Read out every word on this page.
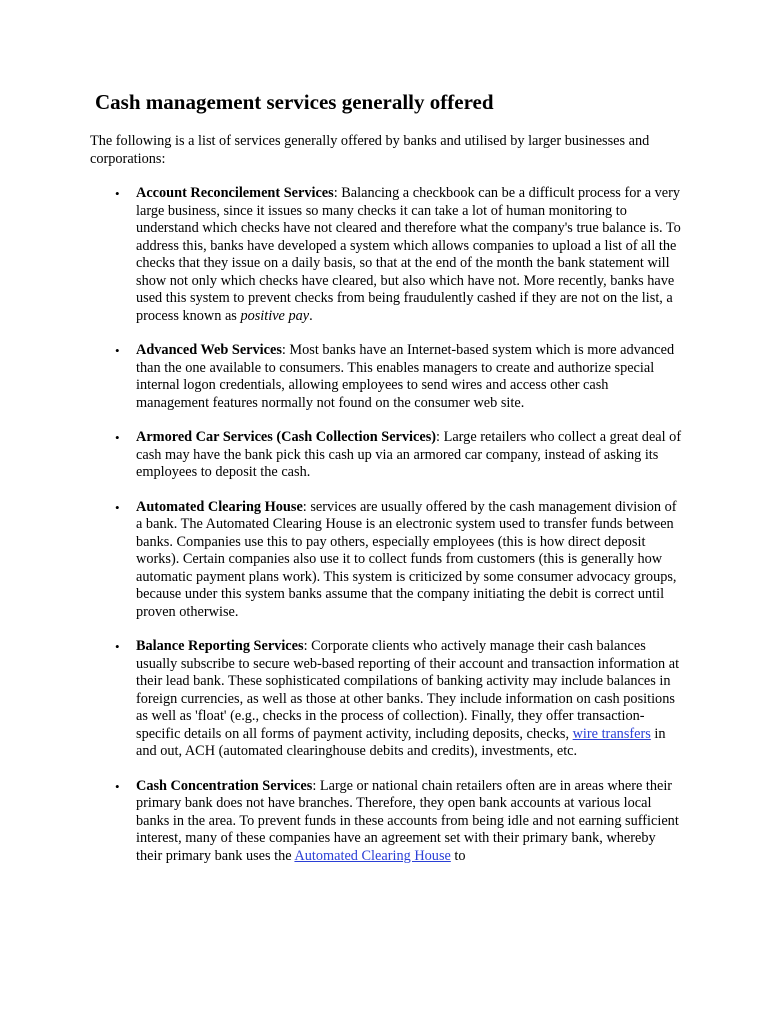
Cash management services generally offered

The following is a list of services generally offered by banks and utilised by larger businesses and corporations:

• Account Reconcilement Services: Balancing a checkbook can be a difficult process for a very large business, since it issues so many checks it can take a lot of human monitoring to understand which checks have not cleared and therefore what the company's true balance is. To address this, banks have developed a system which allows companies to upload a list of all the checks that they issue on a daily basis, so that at the end of the month the bank statement will show not only which checks have cleared, but also which have not. More recently, banks have used this system to prevent checks from being fraudulently cashed if they are not on the list, a process known as positive pay.
• Advanced Web Services: Most banks have an Internet-based system which is more advanced than the one available to consumers. This enables managers to create and authorize special internal logon credentials, allowing employees to send wires and access other cash management features normally not found on the consumer web site.
• Armored Car Services (Cash Collection Services): Large retailers who collect a great deal of cash may have the bank pick this cash up via an armored car company, instead of asking its employees to deposit the cash.
• Automated Clearing House: services are usually offered by the cash management division of a bank. The Automated Clearing House is an electronic system used to transfer funds between banks. Companies use this to pay others, especially employees (this is how direct deposit works). Certain companies also use it to collect funds from customers (this is generally how automatic payment plans work). This system is criticized by some consumer advocacy groups, because under this system banks assume that the company initiating the debit is correct until proven otherwise.
• Balance Reporting Services: Corporate clients who actively manage their cash balances usually subscribe to secure web-based reporting of their account and transaction information at their lead bank. These sophisticated compilations of banking activity may include balances in foreign currencies, as well as those at other banks. They include information on cash positions as well as 'float' (e.g., checks in the process of collection). Finally, they offer transaction-specific details on all forms of payment activity, including deposits, checks, wire transfers in and out, ACH (automated clearinghouse debits and credits), investments, etc.
• Cash Concentration Services: Large or national chain retailers often are in areas where their primary bank does not have branches. Therefore, they open bank accounts at various local banks in the area. To prevent funds in these accounts from being idle and not earning sufficient interest, many of these companies have an agreement set with their primary bank, whereby their primary bank uses the Automated Clearing House to
